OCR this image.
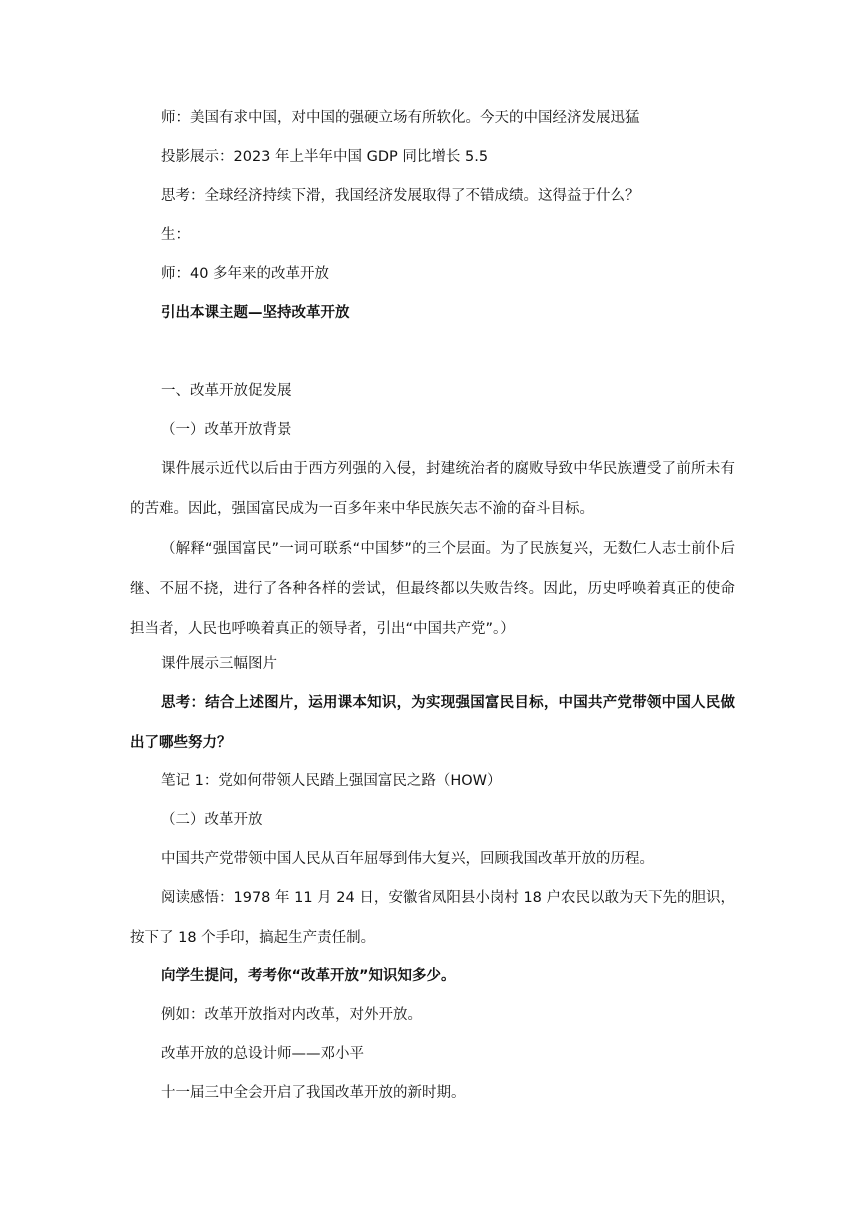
师：美国有求中国，对中国的强硬立场有所软化。今天的中国经济发展迅猛
投影展示：2023 年上半年中国 GDP 同比增长 5.5
思考：全球经济持续下滑，我国经济发展取得了不错成绩。这得益于什么？
生：
师：40 多年来的改革开放
引出本课主题—坚持改革开放
一、改革开放促发展
（一）改革开放背景
课件展示近代以后由于西方列强的入侵，封建统治者的腐败导致中华民族遭受了前所未有的苦难。因此，强国富民成为一百多年来中华民族矢志不渝的奋斗目标。
（解释“强国富民”一词可联系“中国梦”的三个层面。为了民族复兴，无数仁人志士前仆后继、不屈不挠，进行了各种各样的尝试，但最终都以失败告终。因此，历史呼唤着真正的使命担当者，人民也呼唤着真正的领导者，引出“中国共产党”。）
课件展示三幅图片
思考：结合上述图片，运用课本知识，为实现强国富民目标，中国共产党带领中国人民做出了哪些努力？
笔记 1：党如何带领人民踏上强国富民之路（HOW）
（二）改革开放
中国共产党带领中国人民从百年屈辱到伟大复兴，回顾我国改革开放的历程。
阅读感悟：1978 年 11 月 24 日，安徽省凤阳县小岗村 18 户农民以敢为天下先的胆识，按下了 18 个手印，搞起生产责任制。
向学生提问，考考你“改革开放”知识知多少。
例如：改革开放指对内改革，对外开放。
改革开放的总设计师——邓小平
十一届三中全会开启了我国改革开放的新时期。
